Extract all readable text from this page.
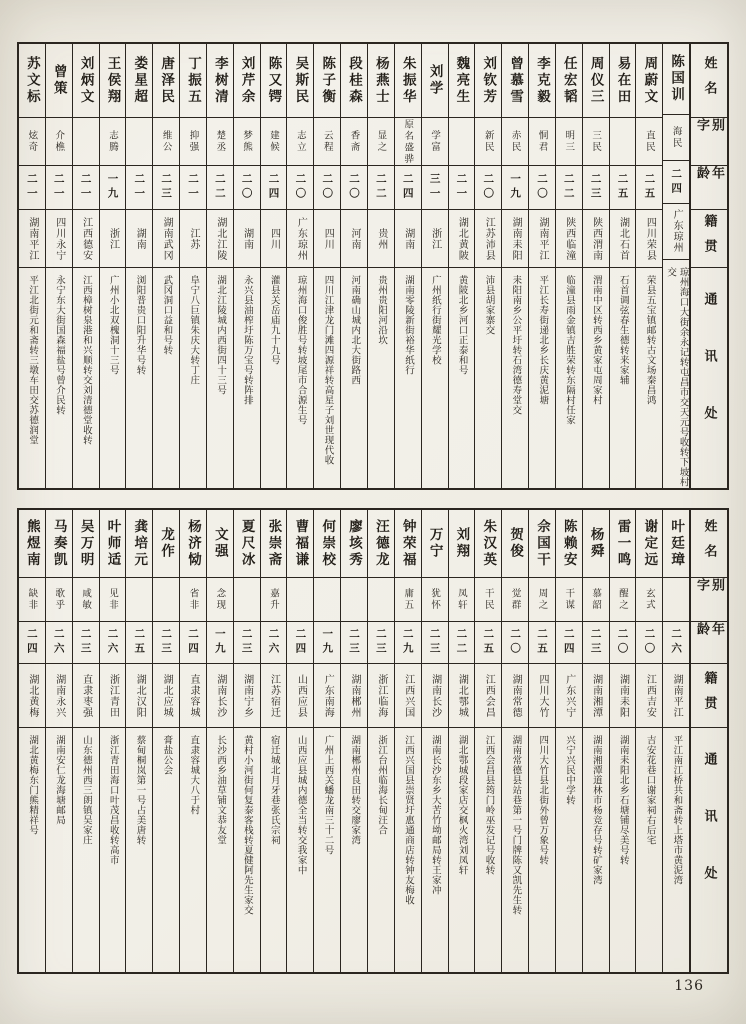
苏文标
炫奇
二一
湖南平江
平江北街元和斋转三墩车田交苏德润堂
曾策
介樵
二一
四川永宁
永宁东大街国森福盐号曾介民转
刘炳文
二一
江西德安
江西樟树泉港和兴顺转交刘清德堂收转
王侯翔
志腾
一九
浙江
广州小北双槐洞十三号
娄星超
二一
湖南
浏阳普贵口阳升华号转
唐泽民
维公
二三
湖南武冈
武冈洞口益和号转
丁振五
抑强
二一
江苏
阜宁八巨镇朱庆大转丁庄
李树清
楚丞
二二
湖北江陵
湖北江陵城内西街四十三号
刘芹余
梦熊
二〇
湖南
永兴县油榨圩陈万宝号转阵排
陈又锷
建候
二四
四川
灌县关岳庙九十九号
吴斯民
志立
二〇
广东琼州
琼州海口俊胜号转坡尾市合源生号
陈子衡
云程
二〇
四川
四川江津龙门滩四源祥转高星子刘世现代收
段桂森
香斋
二〇
河南
河南确山城内北大街路西
杨燕士
显之
二二
贵州
贵州贵阳河沿坎
朱振华
原名盛骅
二四
湖南
湖南零陵新街裕华纸行
刘学
学富
三一
浙江
广州纸行街耀光学校
魏亮生
二一
湖北黄陂
黄陂北乡河口正泰和号
刘钦芳
新民
二〇
江苏沛县
沛县胡家寨交
曾慕雪
赤民
一九
湖南耒阳
耒阳南乡公平圩转石湾德寿堂交
李克毅
恫君
二〇
湖南平江
平江长寿街递北乡长庆黄泥塘
任宏韬
明三
二二
陕西临潼
临潼县雨金镇吉胜荣转东隔村任家
周仪三
三民
二三
陕西渭南
渭南中区转西乡黄家屯周家村
易在田
二五
湖北石首
石首调弦春生德转来家辅
周蔚文
直民
二五
四川荣县
荣县五宝镇邮转古文场秦昌鸿
陈国训
海民
二四
广东琼州
琼州海口大街余永记转屯昌市交天元号收转下坡村交
姓名
别字
年龄
籍贯
通讯处
熊煜南
缺非
二四
湖北黄梅
湖北黄梅东门熊精祥号
马奏凯
歌乎
二六
湖南永兴
湖南安仁龙海塘邮局
吴万明
咸敏
二三
直隶枣强
山东德州西三朗镇吴家庄
叶师适
见非
二六
浙江青田
浙江青田海口叶茂昌收转高市
龚培元
二五
湖北汉阳
蔡甸桐岚第一号占美唐转
龙作
二三
湖北应城
膏盐公会
杨济恸
省非
二四
直隶容城
直隶容城大八于村
文强
念现
一九
湖南长沙
长沙西乡油草铺文恭友堂
夏尺冰
二三
湖南宁乡
黄村小河街何复泰客栈转夏健阿先生家交
张崇斋
嘉升
二六
江苏宿迁
宿迁城北月牙巷张氏宗祠
曹福谦
二四
山西应县
山西应县城内德全当转交我家中
何崇校
一九
广东南海
广州上西关蟠龙南三十二号
廖垓秀
二三
湖南郴州
湖南郴州良田转交廖家湾
汪德龙
二三
浙江临海
浙江台州临海长甸汪合
钟荣福
庸五
二九
江西兴国
江西兴国县崇贤圩惠通商店转钟友梅收
万宁
犹怀
二三
湖南长沙
湖南长沙东乡大苦竹坳邮局转王家冲
刘翔
凤轩
二二
湖北鄂城
湖北鄂城段家店交枫火湾刘凤轩
朱汉英
干民
二五
江西会昌
江西会昌县筠门岭巫发记号收转
贺俊
觉群
二〇
湖南常德
湖南常德县站巷第一号门牌陈又凯先生转
佘国干
周之
二五
四川大竹
四川大竹县北街外曾万象号转
陈赖安
干谋
二四
广东兴宁
兴宁兴民中学转
杨舜
慕韶
二三
湖南湘潭
湖南湘潭道林市杨竞存号转矿家湾
雷一鸣
醒之
二〇
湖南耒阳
湖南耒阳北乡石塘铺尽美号转
谢定远
玄式
二〇
江西吉安
吉安花巷口谢家祠右后宅
叶廷璋
二六
湖南平江
平江南江桥共和斋转上塔市黄泥湾
姓名
别字
年龄
籍贯
通讯处
136
